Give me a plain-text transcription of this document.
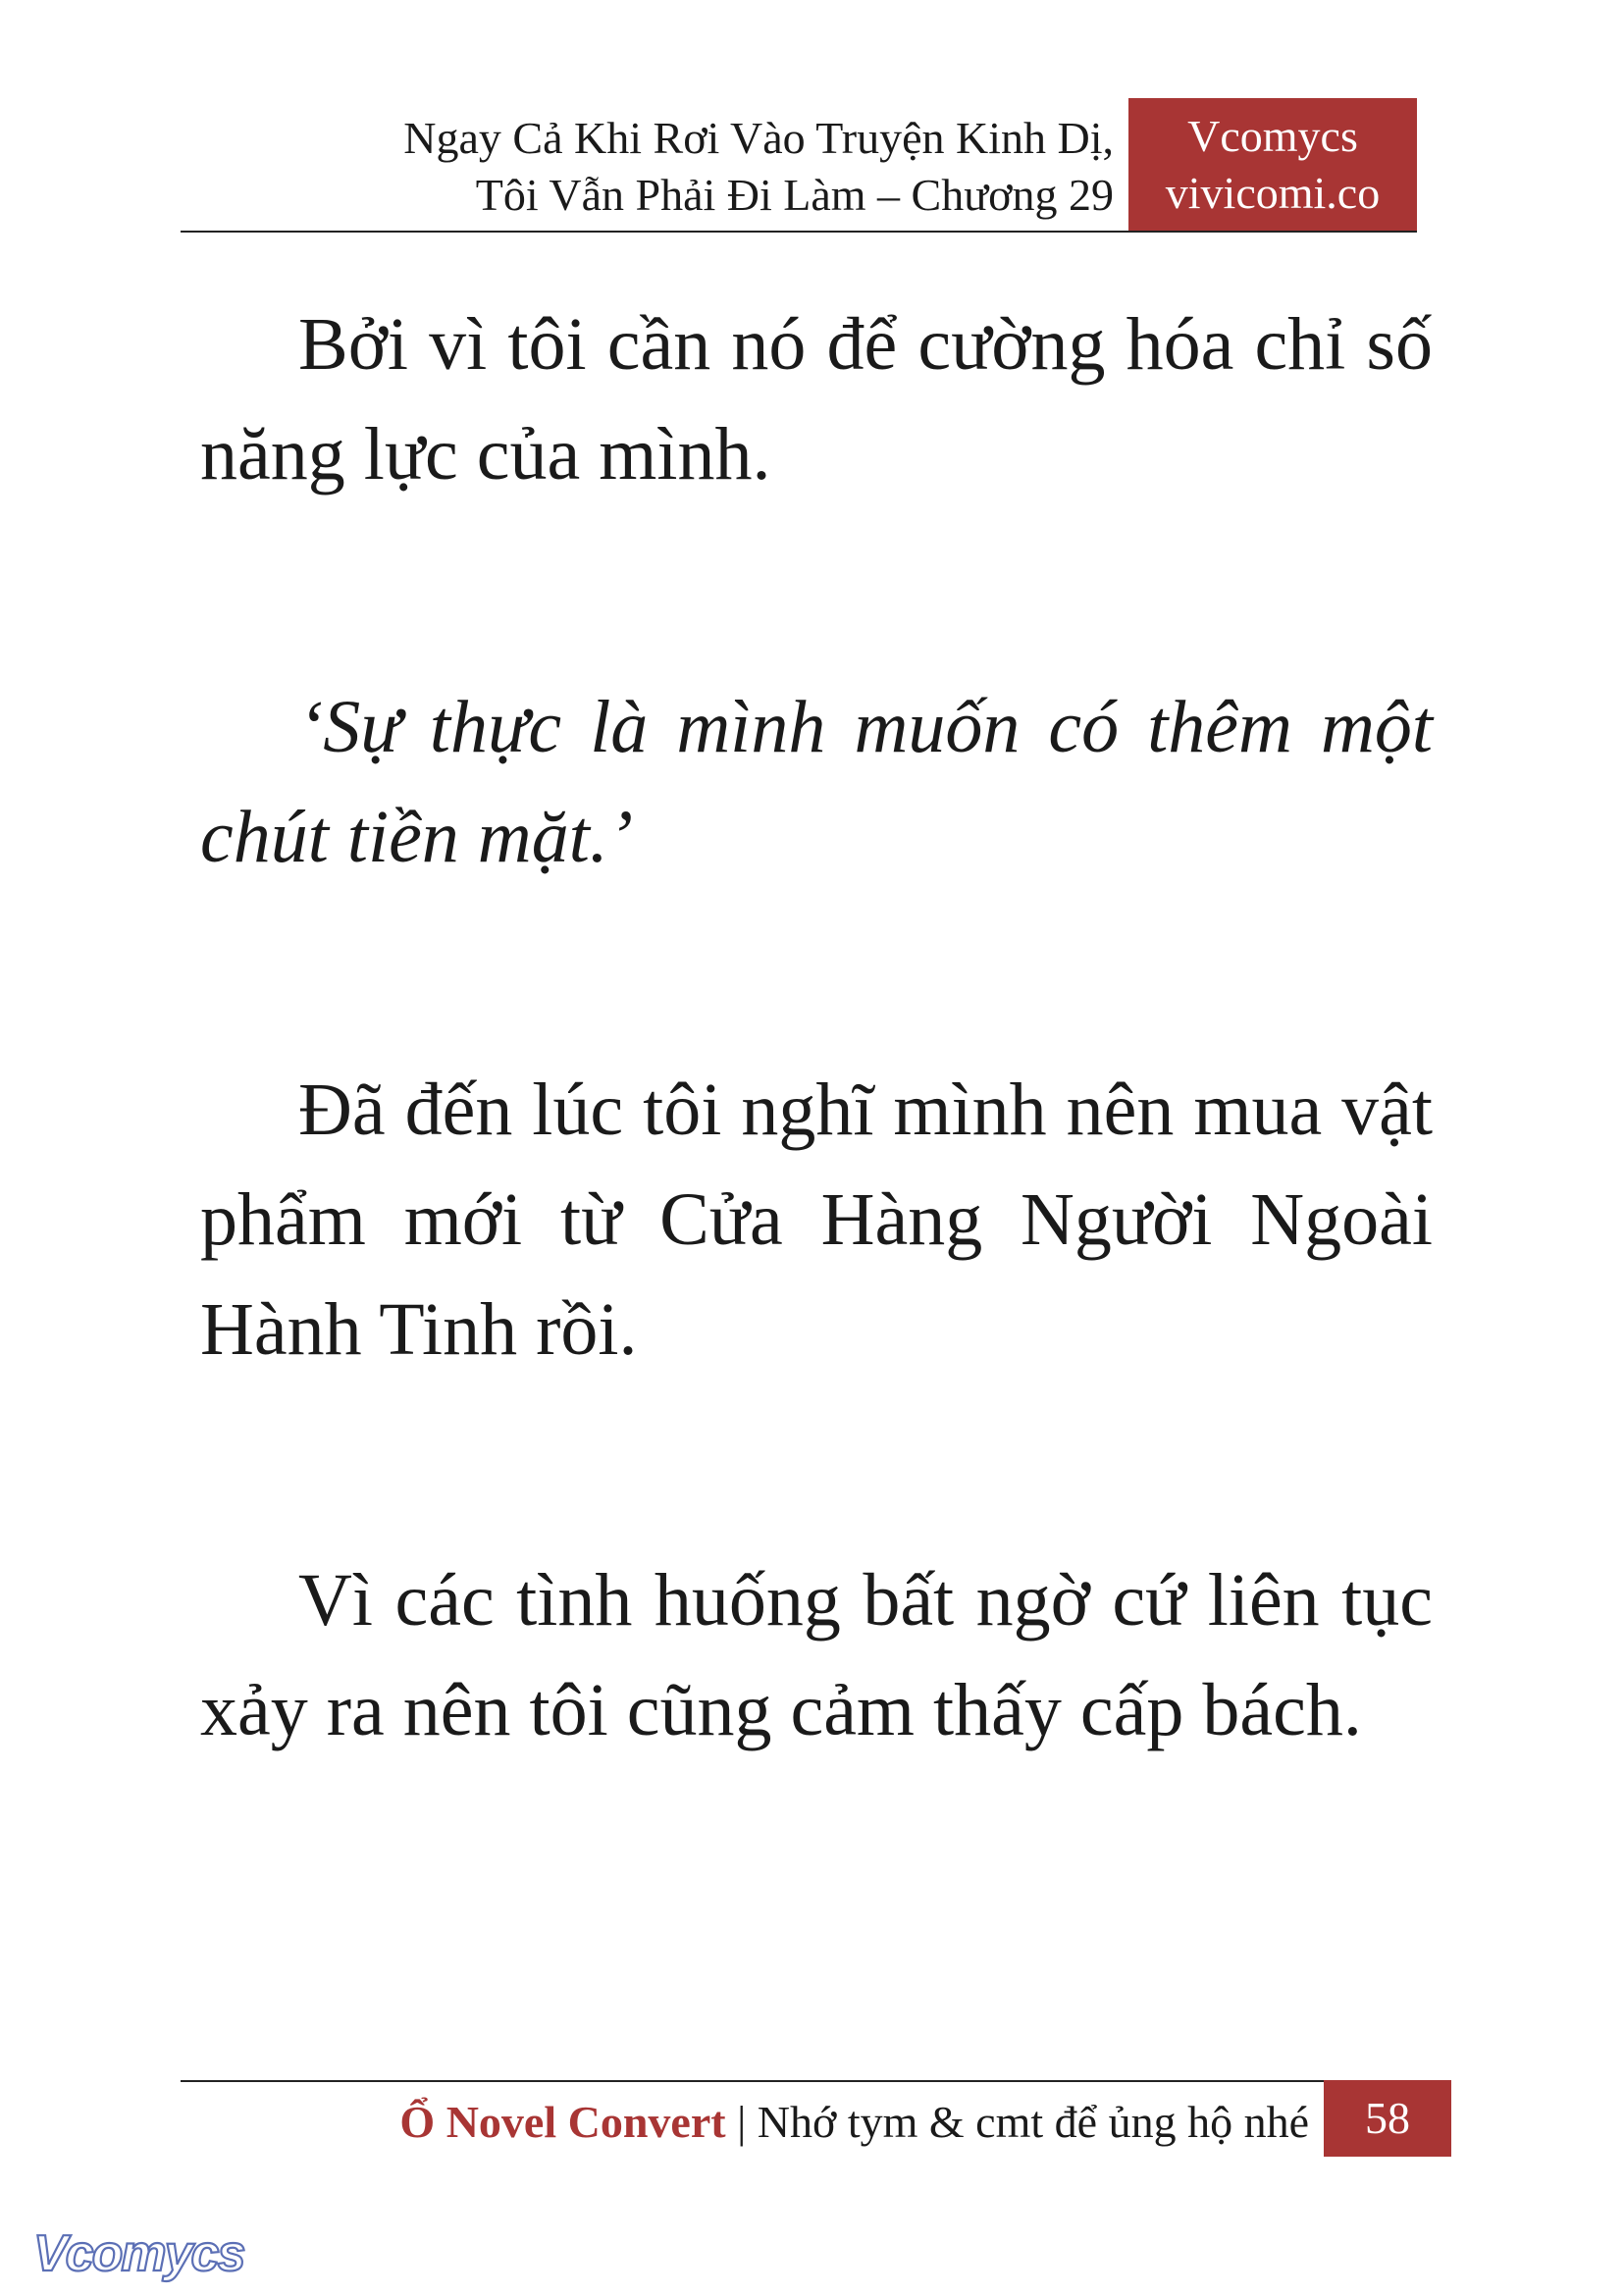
Ngay Cả Khi Rơi Vào Truyện Kinh Dị,
Tôi Vẫn Phải Đi Làm – Chương 29
Vcomycs
vivicomi.co

Bởi vì tôi cần nó để cường hóa chỉ số năng lực của mình.

‘Sự thực là mình muốn có thêm một chút tiền mặt.’

Đã đến lúc tôi nghĩ mình nên mua vật phẩm mới từ Cửa Hàng Người Ngoài Hành Tinh rồi.

Vì các tình huống bất ngờ cứ liên tục xảy ra nên tôi cũng cảm thấy cấp bách.

Ổ Novel Convert | Nhớ tym & cmt để ủng hộ nhé	58
Vcomycs
